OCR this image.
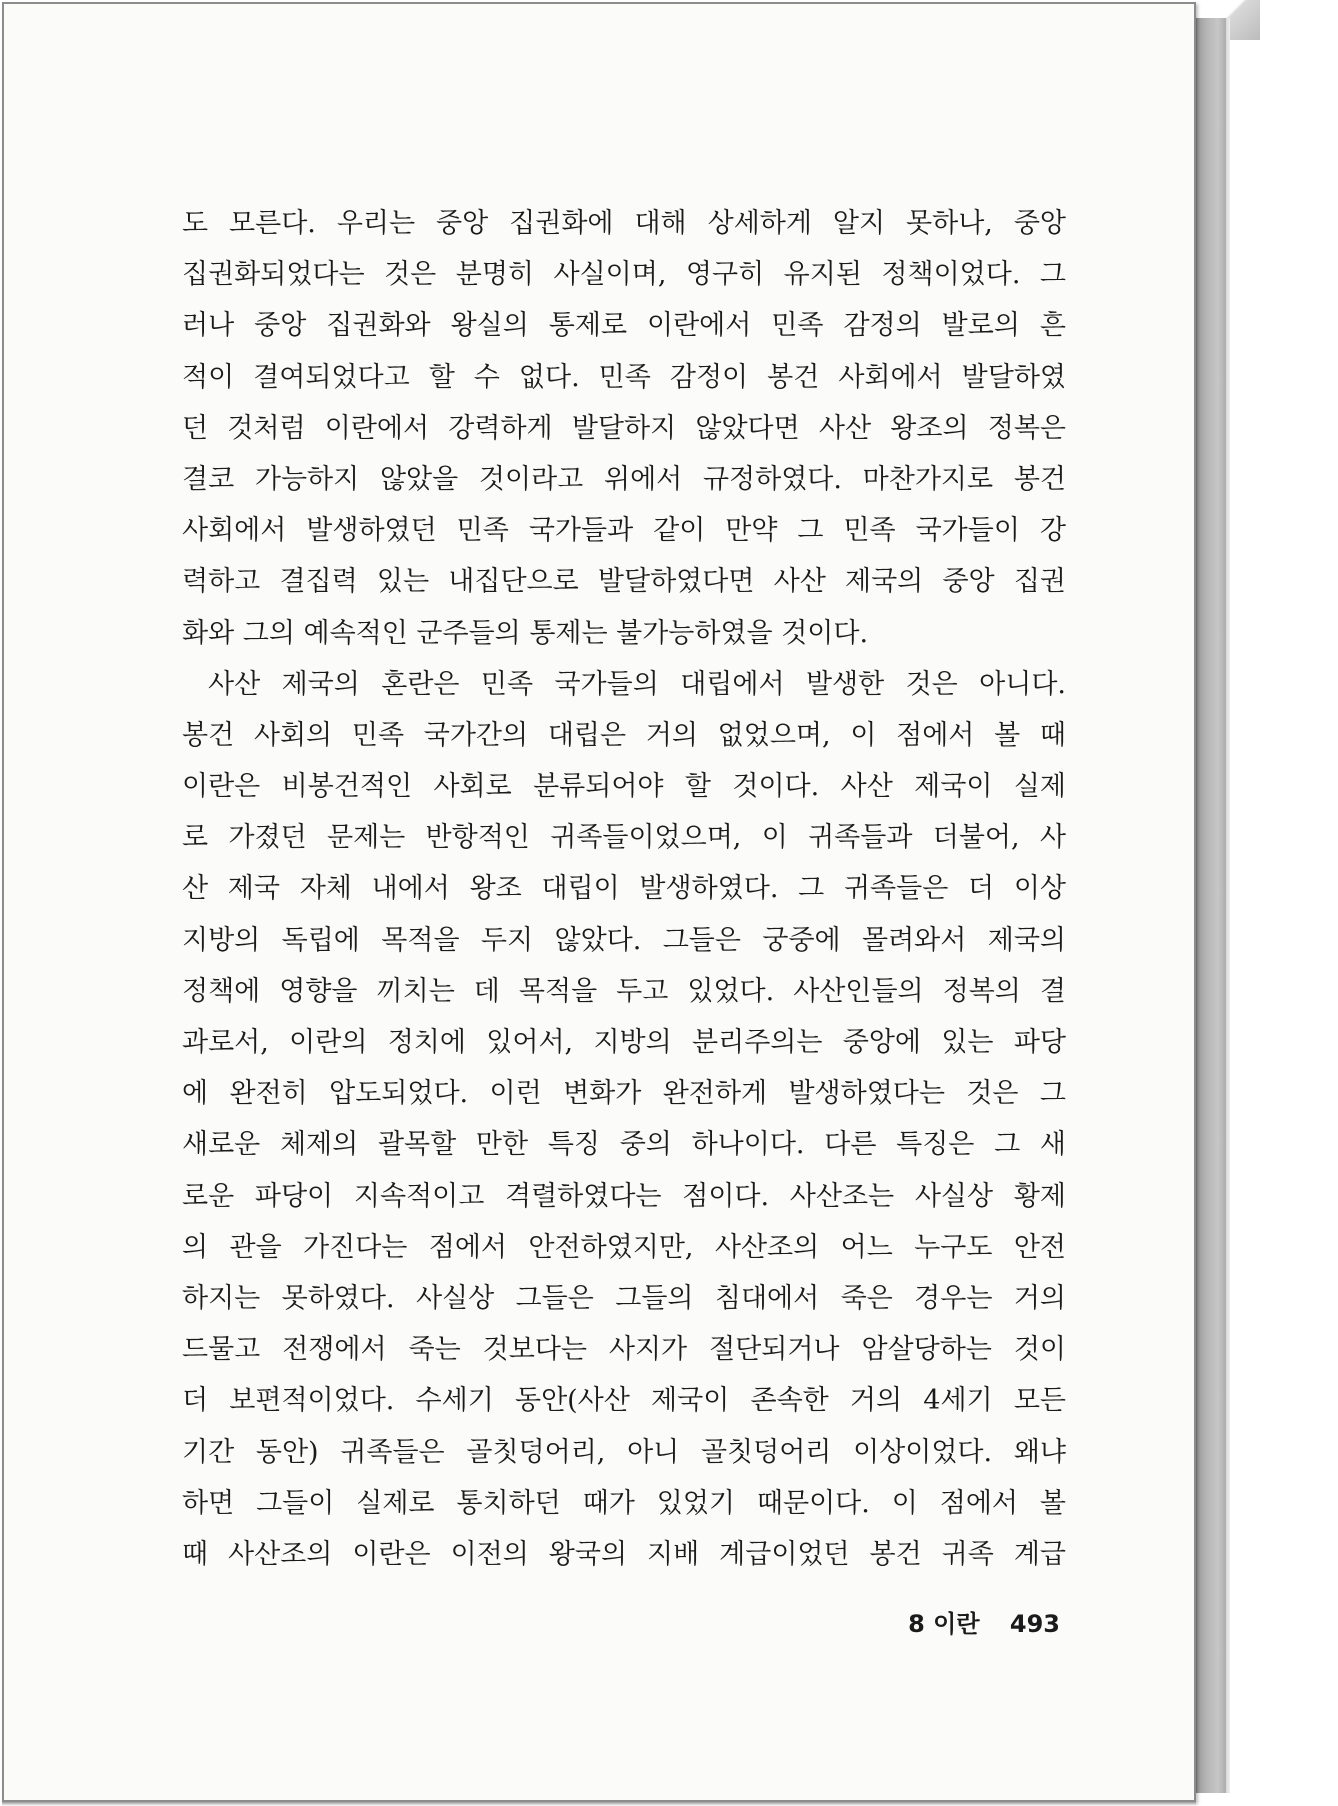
도 모른다. 우리는 중앙 집권화에 대해 상세하게 알지 못하나, 중앙
집권화되었다는 것은 분명히 사실이며, 영구히 유지된 정책이었다. 그
러나 중앙 집권화와 왕실의 통제로 이란에서 민족 감정의 발로의 흔
적이 결여되었다고 할 수 없다. 민족 감정이 봉건 사회에서 발달하였
던 것처럼 이란에서 강력하게 발달하지 않았다면 사산 왕조의 정복은
결코 가능하지 않았을 것이라고 위에서 규정하였다. 마찬가지로 봉건
사회에서 발생하였던 민족 국가들과 같이 만약 그 민족 국가들이 강
력하고 결집력 있는 내집단으로 발달하였다면 사산 제국의 중앙 집권
화와 그의 예속적인 군주들의 통제는 불가능하였을 것이다.
사산 제국의 혼란은 민족 국가들의 대립에서 발생한 것은 아니다.
봉건 사회의 민족 국가간의 대립은 거의 없었으며, 이 점에서 볼 때
이란은 비봉건적인 사회로 분류되어야 할 것이다. 사산 제국이 실제
로 가졌던 문제는 반항적인 귀족들이었으며, 이 귀족들과 더불어, 사
산 제국 자체 내에서 왕조 대립이 발생하였다. 그 귀족들은 더 이상
지방의 독립에 목적을 두지 않았다. 그들은 궁중에 몰려와서 제국의
정책에 영향을 끼치는 데 목적을 두고 있었다. 사산인들의 정복의 결
과로서, 이란의 정치에 있어서, 지방의 분리주의는 중앙에 있는 파당
에 완전히 압도되었다. 이런 변화가 완전하게 발생하였다는 것은 그
새로운 체제의 괄목할 만한 특징 중의 하나이다. 다른 특징은 그 새
로운 파당이 지속적이고 격렬하였다는 점이다. 사산조는 사실상 황제
의 관을 가진다는 점에서 안전하였지만, 사산조의 어느 누구도 안전
하지는 못하였다. 사실상 그들은 그들의 침대에서 죽은 경우는 거의
드물고 전쟁에서 죽는 것보다는 사지가 절단되거나 암살당하는 것이
더 보편적이었다. 수세기 동안(사산 제국이 존속한 거의 4세기 모든
기간 동안) 귀족들은 골칫덩어리, 아니 골칫덩어리 이상이었다. 왜냐
하면 그들이 실제로 통치하던 때가 있었기 때문이다. 이 점에서 볼
때 사산조의 이란은 이전의 왕국의 지배 계급이었던 봉건 귀족 계급
8 이란 493
